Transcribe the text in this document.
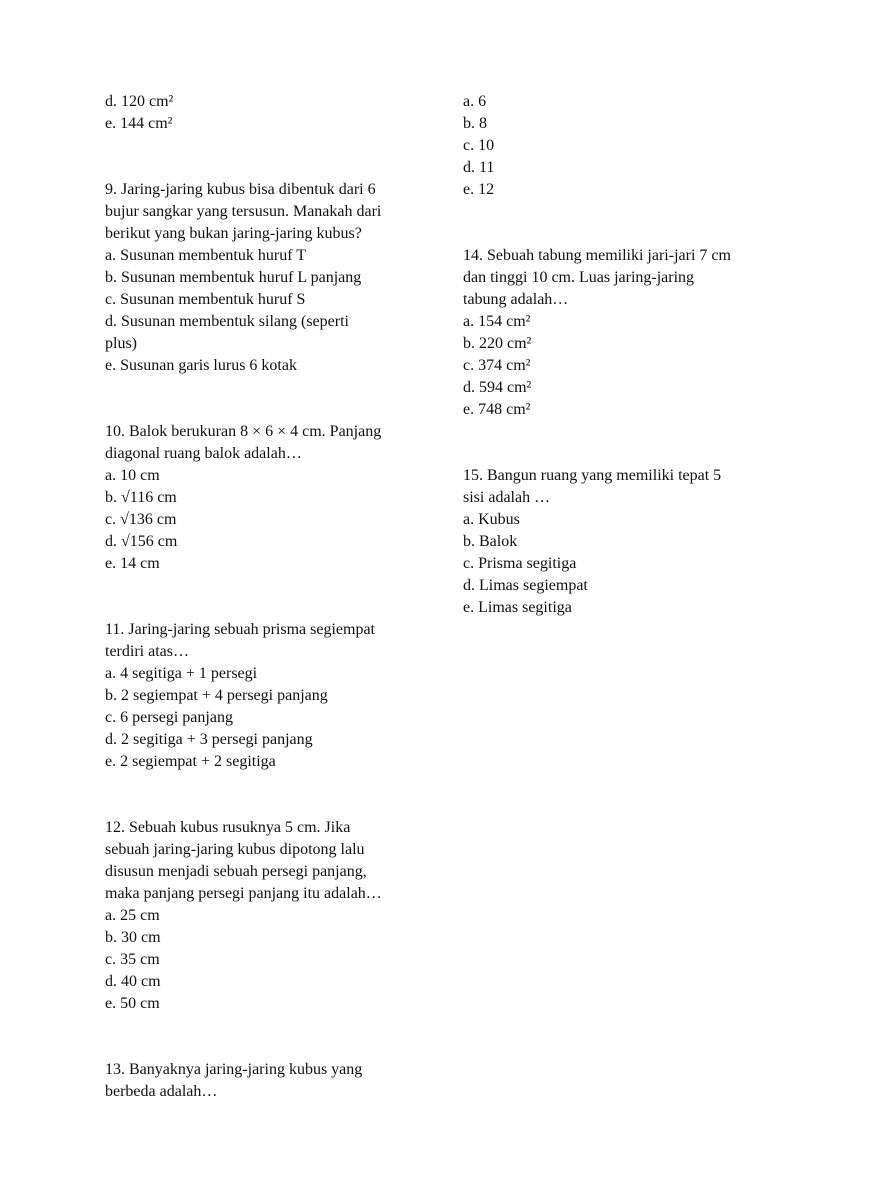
d. 120 cm²

e. 144 cm²

9. Jaring-jaring kubus bisa dibentuk dari 6

bujur sangkar yang tersusun. Manakah dari

berikut yang bukan jaring-jaring kubus?

a. Susunan membentuk huruf T

b. Susunan membentuk huruf L panjang

c. Susunan membentuk huruf S

d. Susunan membentuk silang (seperti

plus)

e. Susunan garis lurus 6 kotak

10. Balok berukuran 8 × 6 × 4 cm. Panjang

diagonal ruang balok adalah…

a. 10 cm

b. √116 cm

c. √136 cm

d. √156 cm

e. 14 cm

11. Jaring-jaring sebuah prisma segiempat

terdiri atas…

a. 4 segitiga + 1 persegi

b. 2 segiempat + 4 persegi panjang

c. 6 persegi panjang

d. 2 segitiga + 3 persegi panjang

e. 2 segiempat + 2 segitiga

12. Sebuah kubus rusuknya 5 cm. Jika

sebuah jaring-jaring kubus dipotong lalu

disusun menjadi sebuah persegi panjang,

maka panjang persegi panjang itu adalah…

a. 25 cm

b. 30 cm

c. 35 cm

d. 40 cm

e. 50 cm

13. Banyaknya jaring-jaring kubus yang

berbeda adalah…

a. 6

b. 8

c. 10

d. 11

e. 12

14. Sebuah tabung memiliki jari-jari 7 cm

dan tinggi 10 cm. Luas jaring-jaring

tabung adalah…

a. 154 cm²

b. 220 cm²

c. 374 cm²

d. 594 cm²

e. 748 cm²

15. Bangun ruang yang memiliki tepat 5

sisi adalah …

a. Kubus

b. Balok

c. Prisma segitiga

d. Limas segiempat

e. Limas segitiga
